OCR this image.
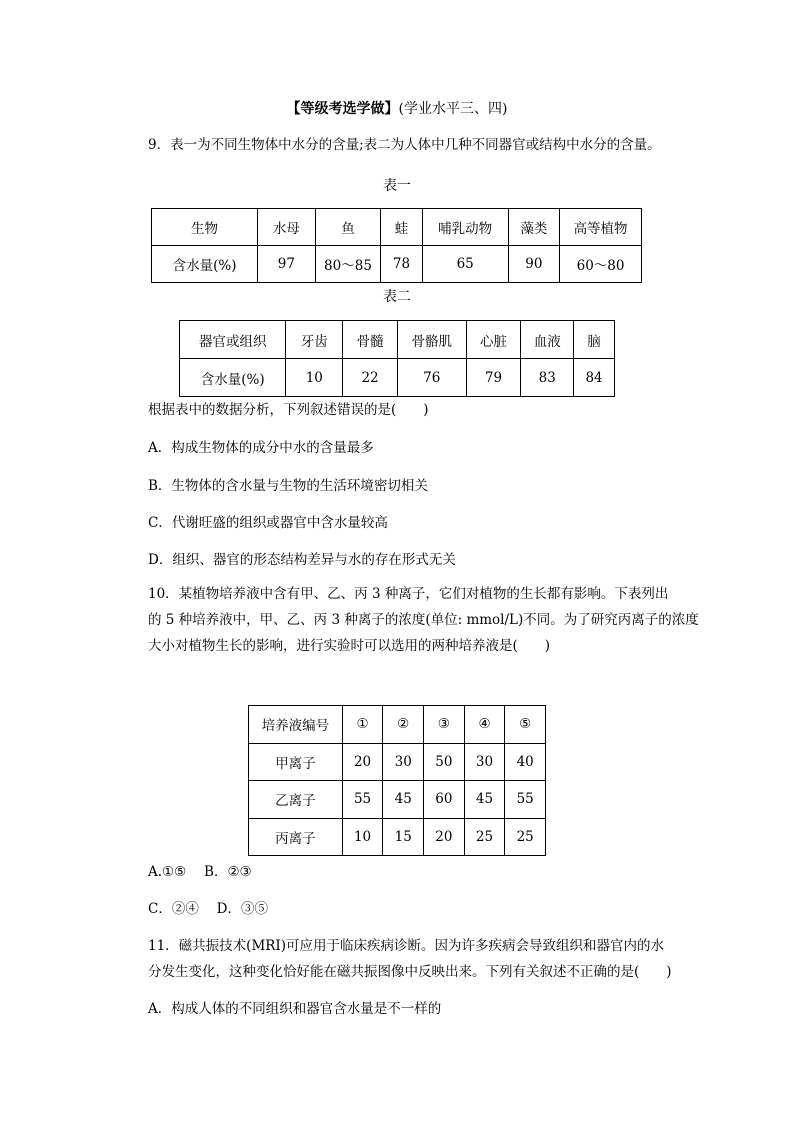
【等级考选学做】(学业水平三、四)
9．表一为不同生物体中水分的含量;表二为人体中几种不同器官或结构中水分的含量。
表一
生物	水母	鱼	蛙	哺乳动物	藻类	高等植物
含水量(%)	97	80～85	78	65	90	60～80
表二
器官或组织	牙齿	骨髓	骨骼肌	心脏	血液	脑
含水量(%)	10	22	76	79	83	84
根据表中的数据分析，下列叙述错误的是(　　)
A．构成生物体的成分中水的含量最多
B．生物体的含水量与生物的生活环境密切相关
C．代谢旺盛的组织或器官中含水量较高
D．组织、器官的形态结构差异与水的存在形式无关
10．某植物培养液中含有甲、乙、丙 3 种离子，它们对植物的生长都有影响。下表列出
的 5 种培养液中，甲、乙、丙 3 种离子的浓度(单位: mmol/L)不同。为了研究丙离子的浓度
大小对植物生长的影响，进行实验时可以选用的两种培养液是(　　)
培养液编号	①	②	③	④	⑤
甲离子	20	30	50	30	40
乙离子	55	45	60	45	55
丙离子	10	15	20	25	25
A.①⑤　 B．②③
C．②④　 D．③⑤
11．磁共振技术(MRI)可应用于临床疾病诊断。因为许多疾病会导致组织和器官内的水
分发生变化，这种变化恰好能在磁共振图像中反映出来。下列有关叙述不正确的是(　　)
A．构成人体的不同组织和器官含水量是不一样的
